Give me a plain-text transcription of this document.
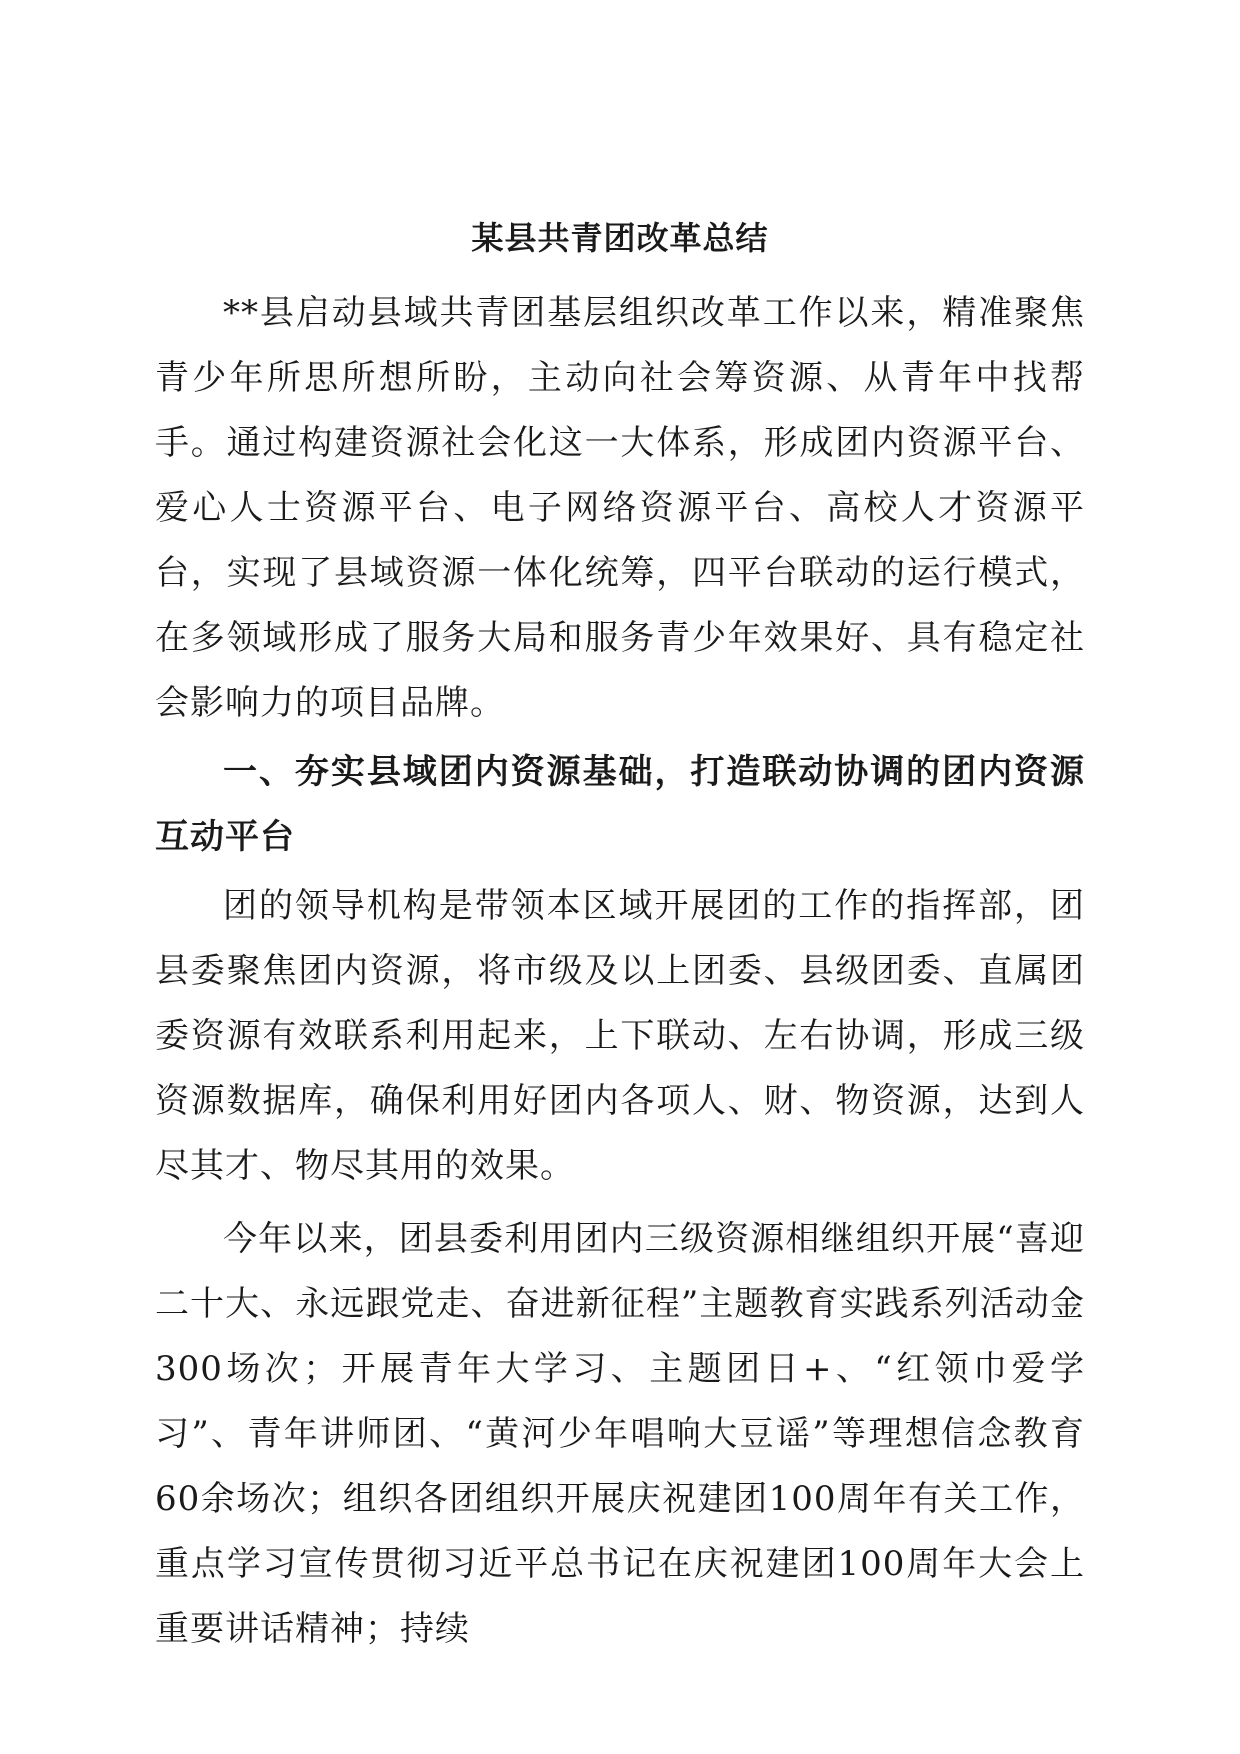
某县共青团改革总结

**县启动县域共青团基层组织改革工作以来，精准聚焦青少年所思所想所盼，主动向社会筹资源、从青年中找帮手。通过构建资源社会化这一大体系，形成团内资源平台、爱心人士资源平台、电子网络资源平台、高校人才资源平台，实现了县域资源一体化统筹，四平台联动的运行模式，在多领域形成了服务大局和服务青少年效果好、具有稳定社会影响力的项目品牌。

一、夯实县域团内资源基础，打造联动协调的团内资源互动平台

团的领导机构是带领本区域开展团的工作的指挥部，团县委聚焦团内资源，将市级及以上团委、县级团委、直属团委资源有效联系利用起来，上下联动、左右协调，形成三级资源数据库，确保利用好团内各项人、财、物资源，达到人尽其才、物尽其用的效果。

今年以来，团县委利用团内三级资源相继组织开展“喜迎二十大、永远跟党走、奋进新征程”主题教育实践系列活动金300场次；开展青年大学习、主题团日+、“红领巾爱学习”、青年讲师团、“黄河少年唱响大豆谣”等理想信念教育60余场次；组织各团组织开展庆祝建团100周年有关工作，重点学习宣传贯彻习近平总书记在庆祝建团100周年大会上重要讲话精神；持续
